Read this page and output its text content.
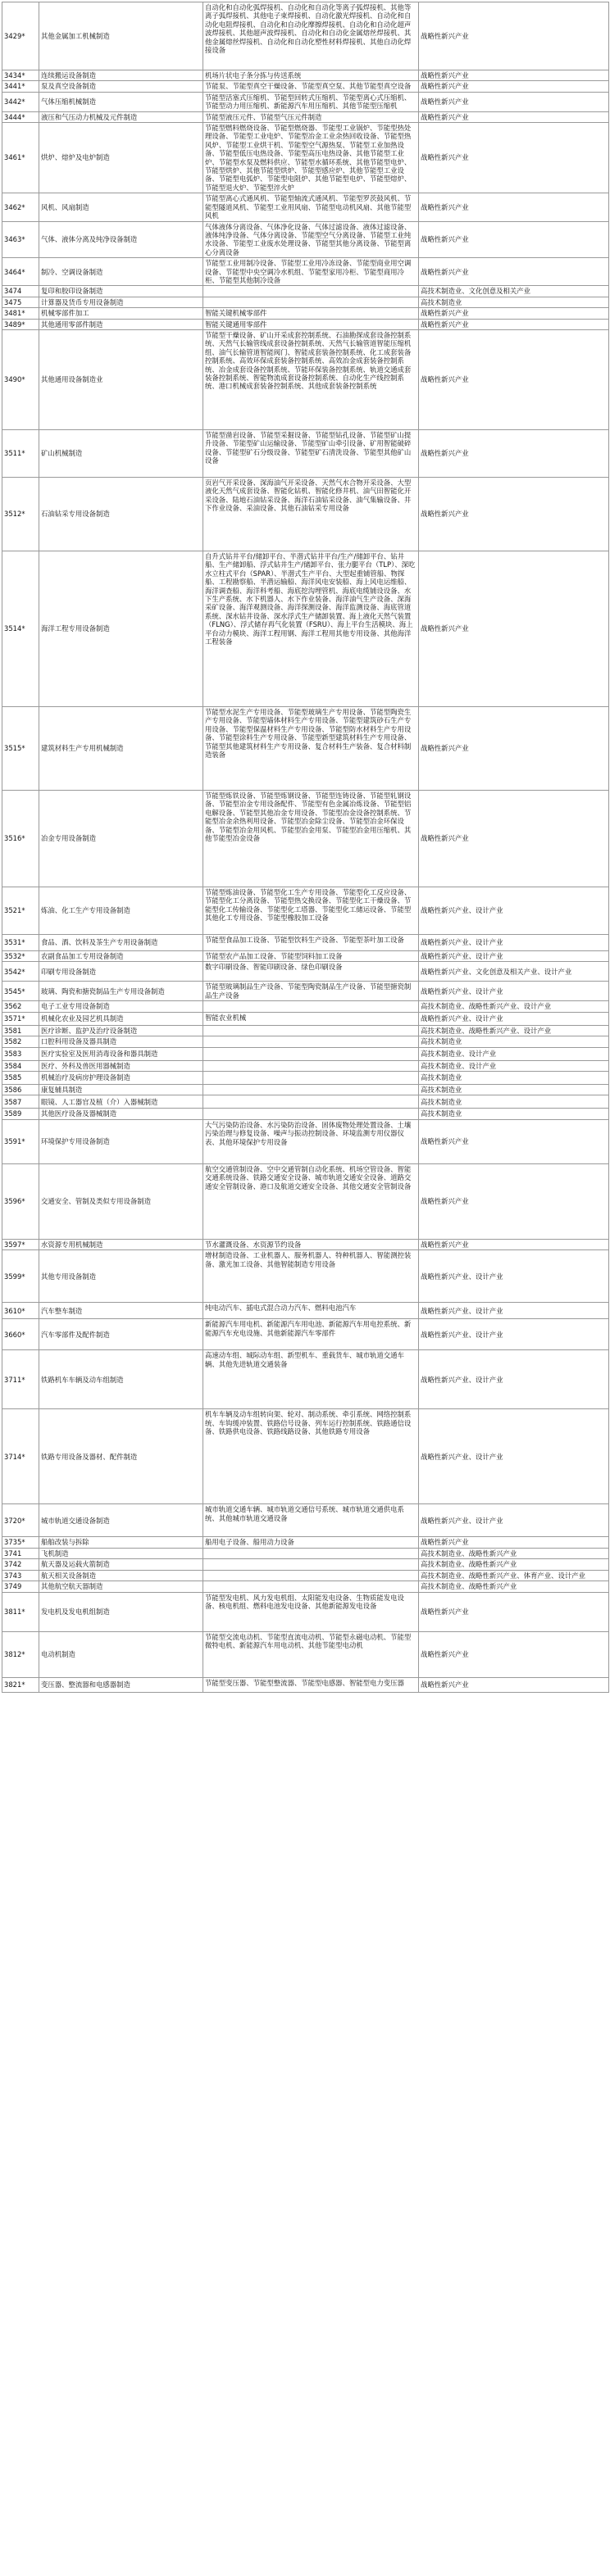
3429*	其他金属加工机械制造	自动化和自动化弧焊接机、自动化和自动化等离子弧焊接机、其他等离子弧焊接机、其他电子束焊接机、自动化激光焊接机、自动化和自动化电阻焊接机、自动化和自动化摩擦焊接机、自动化和自动化超声波焊接机、其他超声波焊接机、自动化和自动化金属熔丝焊接机、其他金属熔丝焊接机、自动化和自动化塑性材料焊接机、其他自动化焊接设备	战略性新兴产业
3434*	连续搬运设备制造	机场片状电子条分拣与传送系统	战略性新兴产业
3441*	泵及真空设备制造	节能泵、节能型真空干燥设备、节能型真空泵、其他节能型真空设备	战略性新兴产业
3442*	气体压缩机械制造	节能型活塞式压缩机、节能型回转式压缩机、节能型离心式压缩机、节能型动力用压缩机、新能源汽车用压缩机、其他节能型压缩机	战略性新兴产业
3444*	液压和气压动力机械及元件制造	节能型液压元件、节能型气压元件制造	战略性新兴产业
3461*	烘炉、熔炉及电炉制造	节能型燃料燃烧设备、节能型燃烧器、节能型工业锅炉、节能型热处理设备、节能型工业电炉、节能型冶金工业余热回收设备、节能型热风炉、节能型工业烘干机、节能型空气源热泵、节能型工业加热设备、节能型低压电热设备、节能型高压电热设备、其他节能型工业炉、节能型水泵及燃料供应、节能型水循环系统、其他节能型电炉、节能型烘炉、其他节能型烘炉、节能型感应炉、其他节能型工业设备、节能型电弧炉、节能型电阻炉、其他节能型电炉、节能型熔炉、节能型退火炉、节能型淬火炉	战略性新兴产业
3462*	风机、风扇制造	节能型离心式通风机、节能型轴流式通风机、节能型罗茨鼓风机、节能型隧道风机、节能型工业用风扇、节能型电动机风扇、其他节能型风机	战略性新兴产业
3463*	气体、液体分离及纯净设备制造	气体液体分离设备、气体净化设备、气体过滤设备、液体过滤设备、液体纯净设备、气体分离设备、节能型空气分离设备、节能型工业纯水设备、节能型工业废水处理设备、节能型其他分离设备、节能型离心分离设备	战略性新兴产业
3464*	制冷、空调设备制造	节能型工业用制冷设备、节能型工业用冷冻设备、节能型商业用空调设备、节能型中央空调冷水机组、节能型家用冷柜、节能型商用冷柜、节能型其他制冷设备	战略性新兴产业
3474	复印和胶印设备制造		高技术制造业、文化创意及相关产业
3475	计算器及货币专用设备制造		高技术制造业
3481*	机械零部件加工	智能关键机械零部件	战略性新兴产业
3489*	其他通用零部件制造	智能关键通用零部件	战略性新兴产业
3490*	其他通用设备制造业	节能型干燥设备、矿山开采成套控制系统、石油勘探成套设备控制系统、天然气长输管线成套设备控制系统、天然气长输管道智能压缩机组、油气长输管道智能阀门、智能成套装备控制系统、化工成套装备控制系统、高效环保成套装备控制系统、高效冶金成套装备控制系统、冶金成套设备控制系统、节能环保装备控制系统、轨道交通成套装备控制系统、智能物流成套设备控制系统、自动化生产线控制系统、港口机械成套装备控制系统、其他成套装备控制系统	战略性新兴产业
3511*	矿山机械制造	节能型凿岩设备、节能型采掘设备、节能型钻孔设备、节能型矿山提升设备、节能型矿山运输设备、节能型矿山牵引设备、矿用智能破碎设备、节能型矿石分级设备、节能型矿石清洗设备、节能型其他矿山设备	战略性新兴产业
3512*	石油钻采专用设备制造	页岩气开采设备、深海油气开采设备、天然气水合物开采设备、大型液化天然气成套设备、智能化钻机、智能化修井机、油气田智能化开采设备、陆地石油钻采设备、海洋石油钻采设备、油气集输设备、井下作业设备、采油设备、其他石油钻采专用设备	战略性新兴产业
3514*	海洋工程专用设备制造	自升式钻井平台/储卸平台、半潜式钻井平台/生产/储卸平台、钻井船、生产储卸船、浮式钻井生产/储卸平台、张力腿平台（TLP）、深吃水立柱式平台（SPAR）、半潜式生产平台、大型起重铺管船、物探船、工程勘察船、半潜运输船、海洋风电安装船、海上风电运维船、海洋调查船、海洋科考船、海底挖沟埋管机、海底电缆铺设设备、水下生产系统、水下机器人、水下作业装备、海洋油气生产设备、深海采矿设备、海洋观测设备、海洋探测设备、海洋监测设备、海底管道系统、深水钻井设备、深水浮式生产储卸装置、海上液化天然气装置（FLNG）、浮式储存再气化装置（FSRU）、海上平台生活模块、海上平台动力模块、海洋工程用钢、海洋工程用其他专用设备、其他海洋工程装备	战略性新兴产业
3515*	建筑材料生产专用机械制造	节能型水泥生产专用设备、节能型玻璃生产专用设备、节能型陶瓷生产专用设备、节能型墙体材料生产专用设备、节能型建筑砂石生产专用设备、节能型保温材料生产专用设备、节能型防水材料生产专用设备、节能型涂料生产专用设备、节能型新型建筑材料生产专用设备、节能型其他建筑材料生产专用设备、复合材料生产装备、复合材料制造装备	战略性新兴产业
3516*	冶金专用设备制造	节能型炼铁设备、节能型炼钢设备、节能型连铸设备、节能型轧钢设备、节能型冶金专用设备配件、节能型有色金属冶炼设备、节能型铝电解设备、节能型其他冶金专用设备、节能型冶金设备控制系统、节能型冶金余热利用设备、节能型冶金除尘设备、节能型冶金环保设备、节能型冶金用风机、节能型冶金用泵、节能型冶金用压缩机、其他节能型冶金设备	战略性新兴产业
3521*	炼油、化工生产专用设备制造	节能型炼油设备、节能型化工生产专用设备、节能型化工反应设备、节能型化工分离设备、节能型热交换设备、节能型化工干燥设备、节能型化工传输设备、节能型化工塔器、节能型化工储运设备、节能型其他化工专用设备、节能型橡胶加工设备	战略性新兴产业、设计产业
3531*	食品、酒、饮料及茶生产专用设备制造	节能型食品加工设备、节能型饮料生产设备、节能型茶叶加工设备	战略性新兴产业、设计产业
3532*	农副食品加工专用设备制造	节能型农产品加工设备、节能型饲料加工设备	战略性新兴产业、设计产业
3542*	印刷专用设备制造	数字印刷设备、智能印刷设备、绿色印刷设备	战略性新兴产业、文化创意及相关产业、设计产业
3545*	玻璃、陶瓷和搪瓷制品生产专用设备制造	节能型玻璃制品生产设备、节能型陶瓷制品生产设备、节能型搪瓷制品生产设备	战略性新兴产业、设计产业
3562	电子工业专用设备制造		高技术制造业、战略性新兴产业、设计产业
3571*	机械化农业及园艺机具制造	智能农业机械	战略性新兴产业、设计产业
3581	医疗诊断、监护及治疗设备制造		高技术制造业、战略性新兴产业、设计产业
3582	口腔科用设备及器具制造		高技术制造业
3583	医疗实验室及医用消毒设备和器具制造		高技术制造业、设计产业
3584	医疗、外科及兽医用器械制造		高技术制造业、设计产业
3585	机械治疗及病房护理设备制造		高技术制造业
3586	康复辅具制造		高技术制造业
3587	眼镜、人工器官及植（介）入器械制造		高技术制造业
3589	其他医疗设备及器械制造		高技术制造业
3591*	环境保护专用设备制造	大气污染防治设备、水污染防治设备、固体废物处理处置设备、土壤污染治理与修复设备、噪声与振动控制设备、环境监测专用仪器仪表、其他环境保护专用设备	战略性新兴产业
3596*	交通安全、管制及类似专用设备制造	航空交通管制设备、空中交通管制自动化系统、机场空管设备、智能交通系统设备、铁路交通安全设备、城市轨道交通安全设备、道路交通安全管制设备、港口及航道交通安全设备、其他交通安全管制设备	战略性新兴产业
3597*	水资源专用机械制造	节水灌溉设备、水资源节约设备	战略性新兴产业
3599*	其他专用设备制造	增材制造设备、工业机器人、服务机器人、特种机器人、智能测控装备、激光加工设备、其他智能制造专用设备	战略性新兴产业、设计产业
3610*	汽车整车制造	纯电动汽车、插电式混合动力汽车、燃料电池汽车	战略性新兴产业、设计产业
3660*	汽车零部件及配件制造	新能源汽车用电机、新能源汽车用电池、新能源汽车用电控系统、新能源汽车充电设施、其他新能源汽车零部件	战略性新兴产业、设计产业
3711*	铁路机车车辆及动车组制造	高速动车组、城际动车组、新型机车、重载货车、城市轨道交通车辆、其他先进轨道交通装备	战略性新兴产业、设计产业
3714*	铁路专用设备及器材、配件制造	机车车辆及动车组转向架、轮对、制动系统、牵引系统、网络控制系统、车钩缓冲装置、铁路信号设备、列车运行控制系统、铁路通信设备、铁路供电设备、铁路线路设备、其他铁路专用设备	战略性新兴产业、设计产业
3720*	城市轨道交通设备制造	城市轨道交通车辆、城市轨道交通信号系统、城市轨道交通供电系统、其他城市轨道交通设备	战略性新兴产业、设计产业
3735*	船舶改装与拆除	船用电子设备、船用动力设备	战略性新兴产业
3741	飞机制造		高技术制造业、战略性新兴产业
3742	航天器及运载火箭制造		高技术制造业、战略性新兴产业
3743	航天相关设备制造		高技术制造业、战略性新兴产业、体育产业、设计产业
3749	其他航空航天器制造		高技术制造业、战略性新兴产业
3811*	发电机及发电机组制造	节能型发电机、风力发电机组、太阳能发电设备、生物质能发电设备、核电机组、燃料电池发电设备、其他新能源发电设备	战略性新兴产业
3812*	电动机制造	节能型交流电动机、节能型直流电动机、节能型永磁电动机、节能型微特电机、新能源汽车用电动机、其他节能型电动机	战略性新兴产业
3821*	变压器、整流器和电感器制造	节能型变压器、节能型整流器、节能型电感器、智能型电力变压器	战略性新兴产业
